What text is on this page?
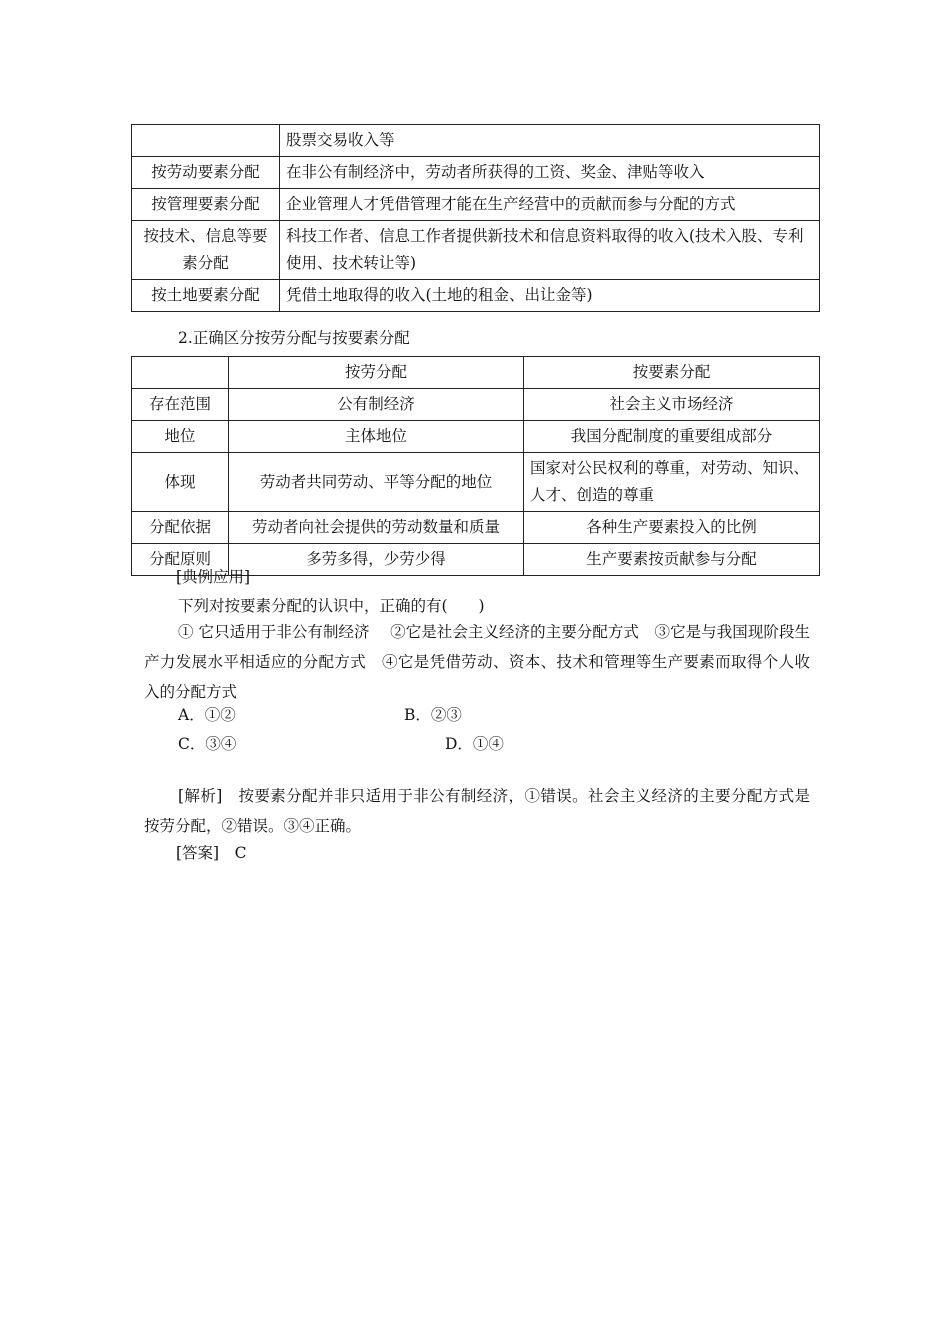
	股票交易收入等
按劳动要素分配	在非公有制经济中，劳动者所获得的工资、奖金、津贴等收入
按管理要素分配	企业管理人才凭借管理才能在生产经营中的贡献而参与分配的方式
按技术、信息等要素分配	科技工作者、信息工作者提供新技术和信息资料取得的收入(技术入股、专利使用、技术转让等)
按土地要素分配	凭借土地取得的收入(土地的租金、出让金等)
2.正确区分按劳分配与按要素分配
	按劳分配	按要素分配
存在范围	公有制经济	社会主义市场经济
地位	主体地位	我国分配制度的重要组成部分
体现	劳动者共同劳动、平等分配的地位	国家对公民权利的尊重，对劳动、知识、人才、创造的尊重
分配依据	劳动者向社会提供的劳动数量和质量	各种生产要素投入的比例
分配原则	多劳多得，少劳少得	生产要素按贡献参与分配
[典例应用]
下列对按要素分配的认识中，正确的有(　　)
① 它只适用于非公有制经济　 ②它是社会主义经济的主要分配方式　③它是与我国现阶段生产力发展水平相适应的分配方式　④它是凭借劳动、资本、技术和管理等生产要素而取得个人收入的分配方式
A．①②	B．②③
C．③④	D．①④
[解析]　按要素分配并非只适用于非公有制经济，①错误。社会主义经济的主要分配方式是按劳分配，②错误。③④正确。
[答案]　C
